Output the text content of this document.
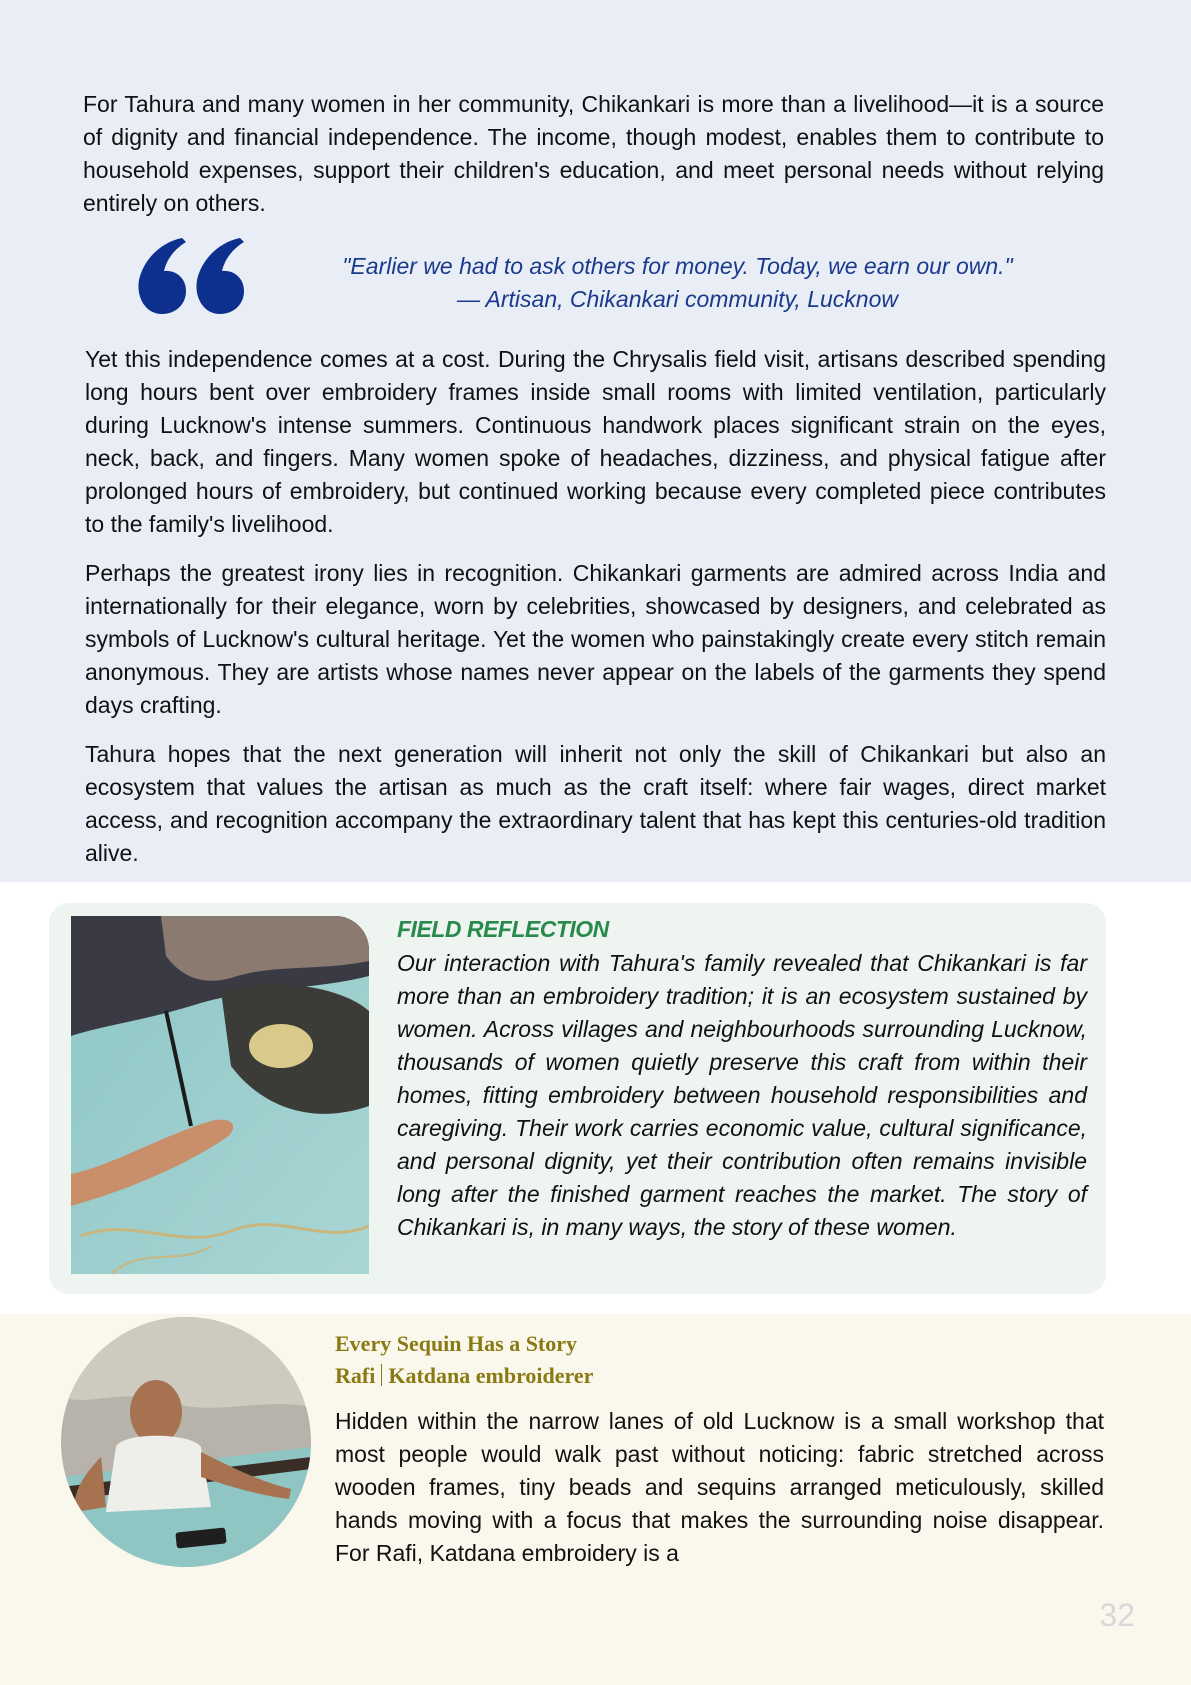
For Tahura and many women in her community, Chikankari is more than a livelihood—it is a source of dignity and financial independence. The income, though modest, enables them to contribute to household expenses, support their children's education, and meet personal needs without relying entirely on others.

"Earlier we had to ask others for money. Today, we earn our own."
— Artisan, Chikankari community, Lucknow

Yet this independence comes at a cost. During the Chrysalis field visit, artisans described spending long hours bent over embroidery frames inside small rooms with limited ventilation, particularly during Lucknow's intense summers. Continuous handwork places significant strain on the eyes, neck, back, and fingers. Many women spoke of headaches, dizziness, and physical fatigue after prolonged hours of embroidery, but continued working because every completed piece contributes to the family's livelihood.

Perhaps the greatest irony lies in recognition. Chikankari garments are admired across India and internationally for their elegance, worn by celebrities, showcased by designers, and celebrated as symbols of Lucknow's cultural heritage. Yet the women who painstakingly create every stitch remain anonymous. They are artists whose names never appear on the labels of the garments they spend days crafting.

Tahura hopes that the next generation will inherit not only the skill of Chikankari but also an ecosystem that values the artisan as much as the craft itself: where fair wages, direct market access, and recognition accompany the extraordinary talent that has kept this centuries-old tradition alive.

FIELD REFLECTION

Our interaction with Tahura's family revealed that Chikankari is far more than an embroidery tradition; it is an ecosystem sustained by women. Across villages and neighbourhoods surrounding Lucknow, thousands of women quietly preserve this craft from within their homes, fitting embroidery between household responsibilities and caregiving. Their work carries economic value, cultural significance, and personal dignity, yet their contribution often remains invisible long after the finished garment reaches the market. The story of Chikankari is, in many ways, the story of these women.

Every Sequin Has a Story

Rafi Katdana embroiderer

Hidden within the narrow lanes of old Lucknow is a small workshop that most people would walk past without noticing: fabric stretched across wooden frames, tiny beads and sequins arranged meticulously, skilled hands moving with a focus that makes the surrounding noise disappear. For Rafi, Katdana embroidery is a

32
